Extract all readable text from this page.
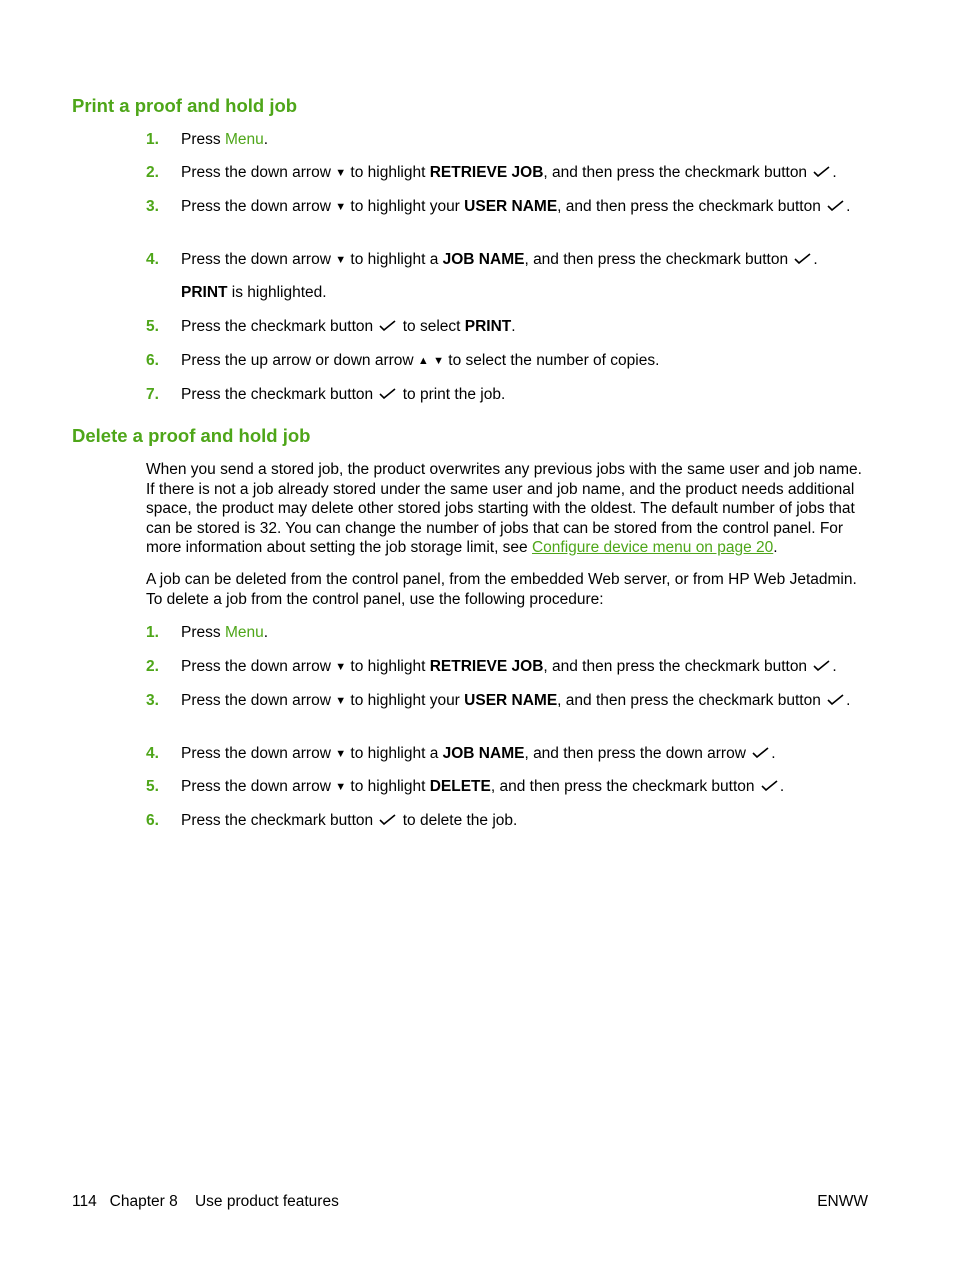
Print a proof and hold job
1. Press Menu.
2. Press the down arrow ▼ to highlight RETRIEVE JOB, and then press the checkmark button .
3. Press the down arrow ▼ to highlight your USER NAME, and then press the checkmark button .
4. Press the down arrow ▼ to highlight a JOB NAME, and then press the checkmark button .
PRINT is highlighted.
5. Press the checkmark button  to select PRINT.
6. Press the up arrow or down arrow ▲ ▼ to select the number of copies.
7. Press the checkmark button  to print the job.
Delete a proof and hold job
When you send a stored job, the product overwrites any previous jobs with the same user and job name. If there is not a job already stored under the same user and job name, and the product needs additional space, the product may delete other stored jobs starting with the oldest. The default number of jobs that can be stored is 32. You can change the number of jobs that can be stored from the control panel. For more information about setting the job storage limit, see Configure device menu on page 20.
A job can be deleted from the control panel, from the embedded Web server, or from HP Web Jetadmin. To delete a job from the control panel, use the following procedure:
1. Press Menu.
2. Press the down arrow ▼ to highlight RETRIEVE JOB, and then press the checkmark button .
3. Press the down arrow ▼ to highlight your USER NAME, and then press the checkmark button .
4. Press the down arrow ▼ to highlight a JOB NAME, and then press the down arrow .
5. Press the down arrow ▼ to highlight DELETE, and then press the checkmark button .
6. Press the checkmark button  to delete the job.
114 Chapter 8 Use product features	ENWW
